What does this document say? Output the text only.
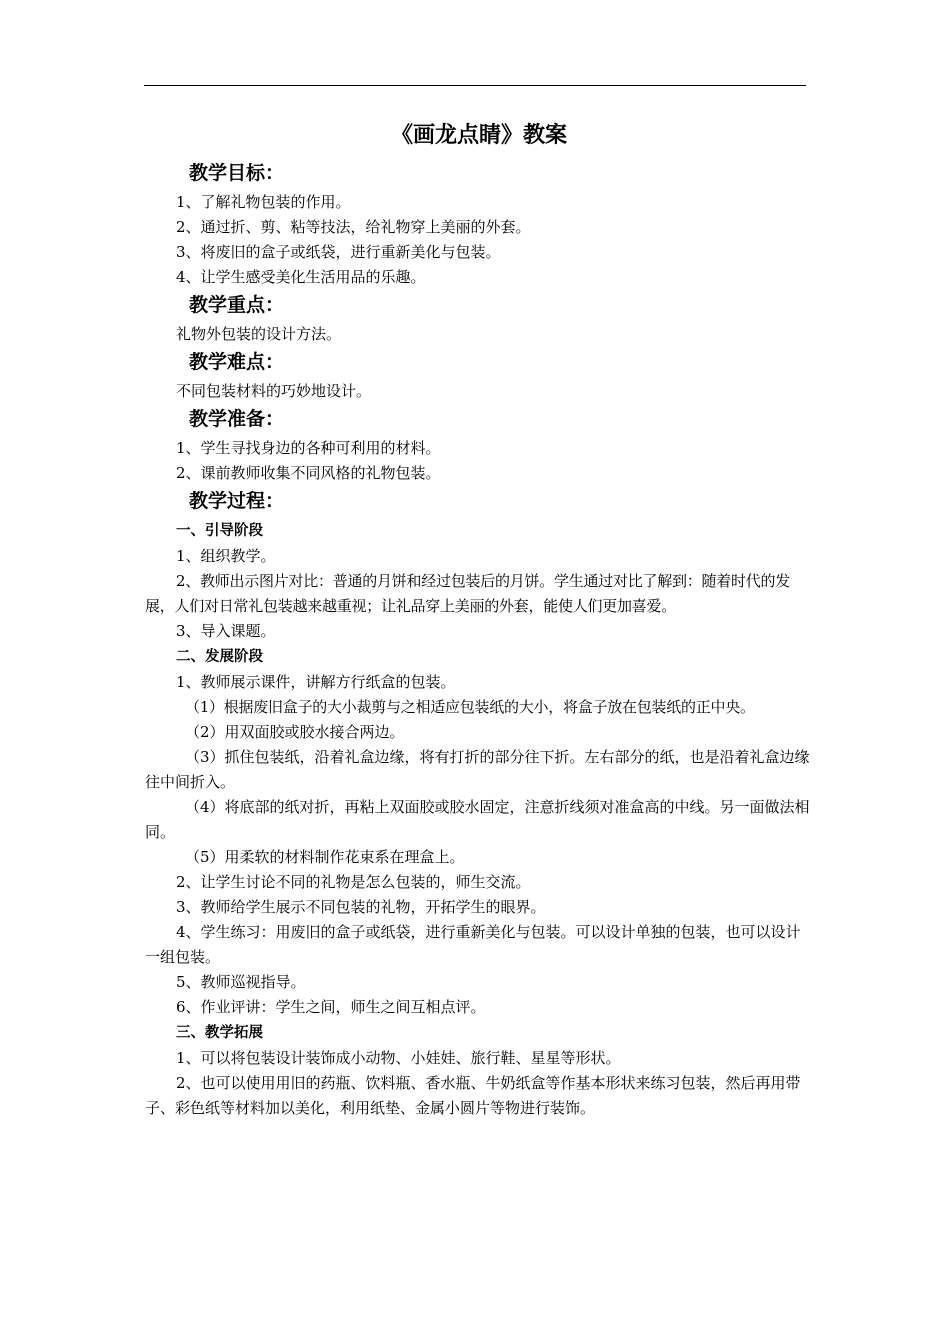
《画龙点睛》教案
教学目标：
1、了解礼物包装的作用。
2、通过折、剪、粘等技法，给礼物穿上美丽的外套。
3、将废旧的盒子或纸袋，进行重新美化与包装。
4、让学生感受美化生活用品的乐趣。
教学重点：
礼物外包装的设计方法。
教学难点：
不同包装材料的巧妙地设计。
教学准备：
1、学生寻找身边的各种可利用的材料。
2、课前教师收集不同风格的礼物包装。
教学过程：
一、引导阶段
1、组织教学。
2、教师出示图片对比：普通的月饼和经过包装后的月饼。学生通过对比了解到：随着时代的发展，人们对日常礼包装越来越重视；让礼品穿上美丽的外套，能使人们更加喜爱。
3、导入课题。
二、发展阶段
1、教师展示课件，讲解方行纸盒的包装。
（1）根据废旧盒子的大小裁剪与之相适应包装纸的大小，将盒子放在包装纸的正中央。
（2）用双面胶或胶水接合两边。
（3）抓住包装纸，沿着礼盒边缘，将有打折的部分往下折。左右部分的纸，也是沿着礼盒边缘往中间折入。
（4）将底部的纸对折，再粘上双面胶或胶水固定，注意折线须对准盒高的中线。另一面做法相同。
（5）用柔软的材料制作花束系在理盒上。
2、让学生讨论不同的礼物是怎么包装的，师生交流。
3、教师给学生展示不同包装的礼物，开拓学生的眼界。
4、学生练习：用废旧的盒子或纸袋，进行重新美化与包装。可以设计单独的包装，也可以设计一组包装。
5、教师巡视指导。
6、作业评讲：学生之间，师生之间互相点评。
三、教学拓展
1、可以将包装设计装饰成小动物、小娃娃、旅行鞋、星星等形状。
2、也可以使用用旧的药瓶、饮料瓶、香水瓶、牛奶纸盒等作基本形状来练习包装，然后再用带子、彩色纸等材料加以美化，利用纸垫、金属小圆片等物进行装饰。
